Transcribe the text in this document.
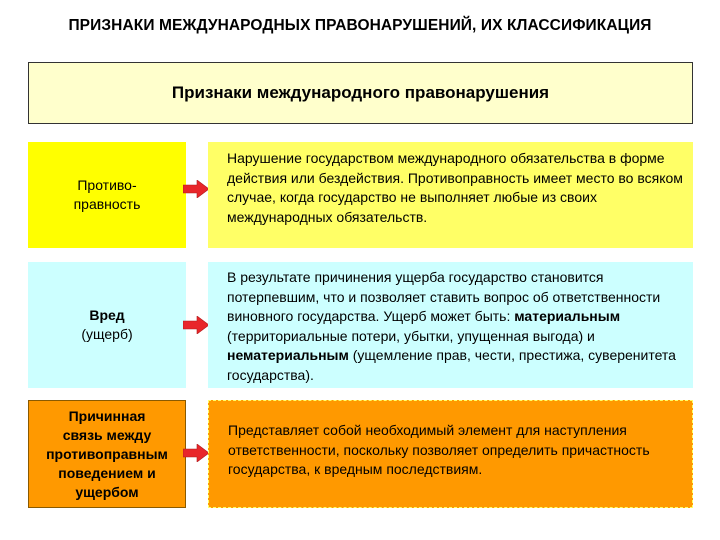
ПРИЗНАКИ МЕЖДУНАРОДНЫХ ПРАВОНАРУШЕНИЙ, ИХ КЛАССИФИКАЦИЯ
Признаки международного правонарушения
Противо-
правность
Нарушение государством международного обязательства в форме действия или бездействия. Противоправность имеет место во всяком случае, когда государство не выполняет любые из своих международных обязательств.
Вред
(ущерб)
В результате причинения ущерба государство становится потерпевшим, что и позволяет ставить вопрос об ответственности виновного государства. Ущерб может быть: материальным (территориальные потери, убытки, упущенная выгода) и нематериальным (ущемление прав, чести, престижа, суверенитета государства).
Причинная
связь между
противоправным
поведением и
ущербом
Представляет собой необходимый элемент для наступления ответственности, поскольку позволяет определить причастность государства, к вредным последствиям.
